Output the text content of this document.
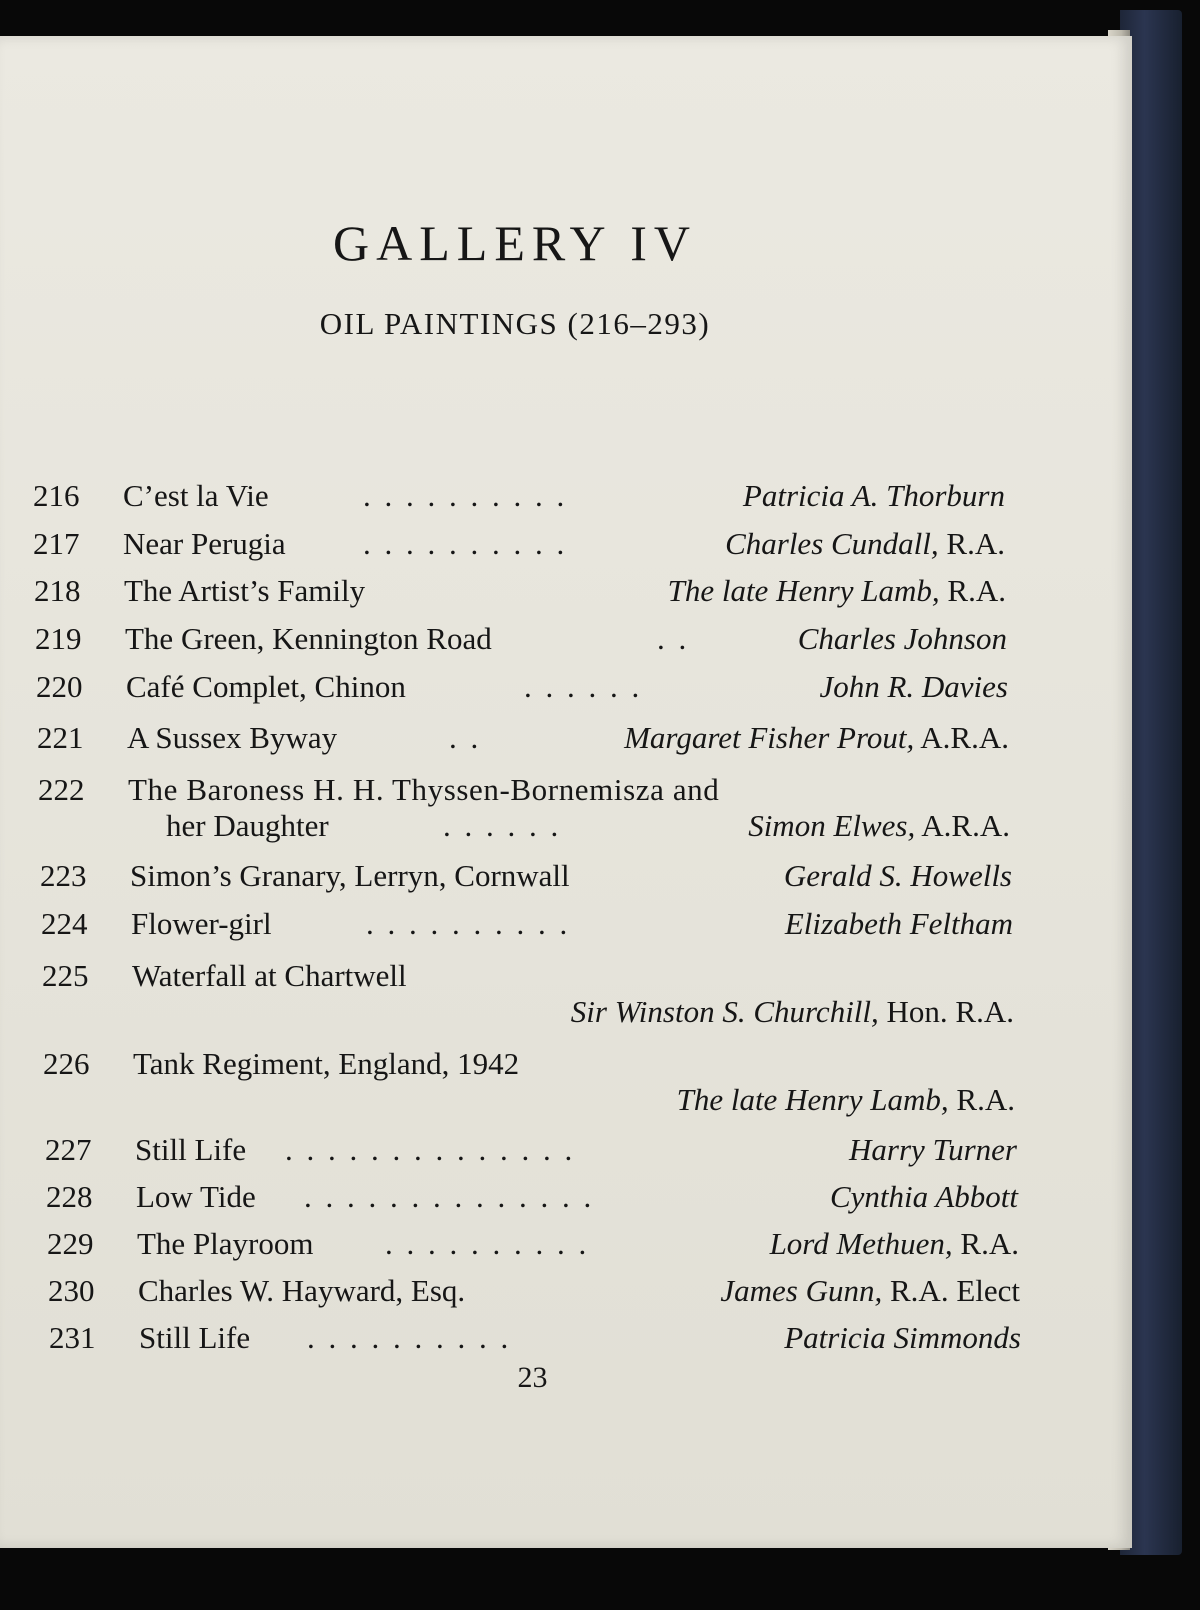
GALLERY IV
OIL PAINTINGS (216–293)
216	C’est la Vie	. . . . . . . . . .	Patricia A. Thorburn
217	Near Perugia . . . . . . . . . .	Charles Cundall, R.A.
218	The Artist’s Family	The late Henry Lamb, R.A.
219	The Green, Kennington Road	. .	Charles Johnson
220	Café Complet, Chinon	. . . . . .	John R. Davies
221	A Sussex Byway	. .	Margaret Fisher Prout, A.R.A.
222	The Baroness H. H. Thyssen-Bornemisza and
her Daughter	. . . . . .	Simon Elwes, A.R.A.
223	Simon’s Granary, Lerryn, Cornwall	Gerald S. Howells
224	Flower-girl	. . . . . . . . . .	Elizabeth Feltham
225	Waterfall at Chartwell
Sir Winston S. Churchill, Hon. R.A.
226	Tank Regiment, England, 1942
The late Henry Lamb, R.A.
227	Still Life . . . . . . . . . . . . . .	Harry Turner
228	Low Tide . . . . . . . . . . . . . .	Cynthia Abbott
229	The Playroom . . . . . . . . . .	Lord Methuen, R.A.
230	Charles W. Hayward, Esq.	James Gunn, R.A. Elect
231	Still Life . . . . . . . . . .	Patricia Simmonds
23
